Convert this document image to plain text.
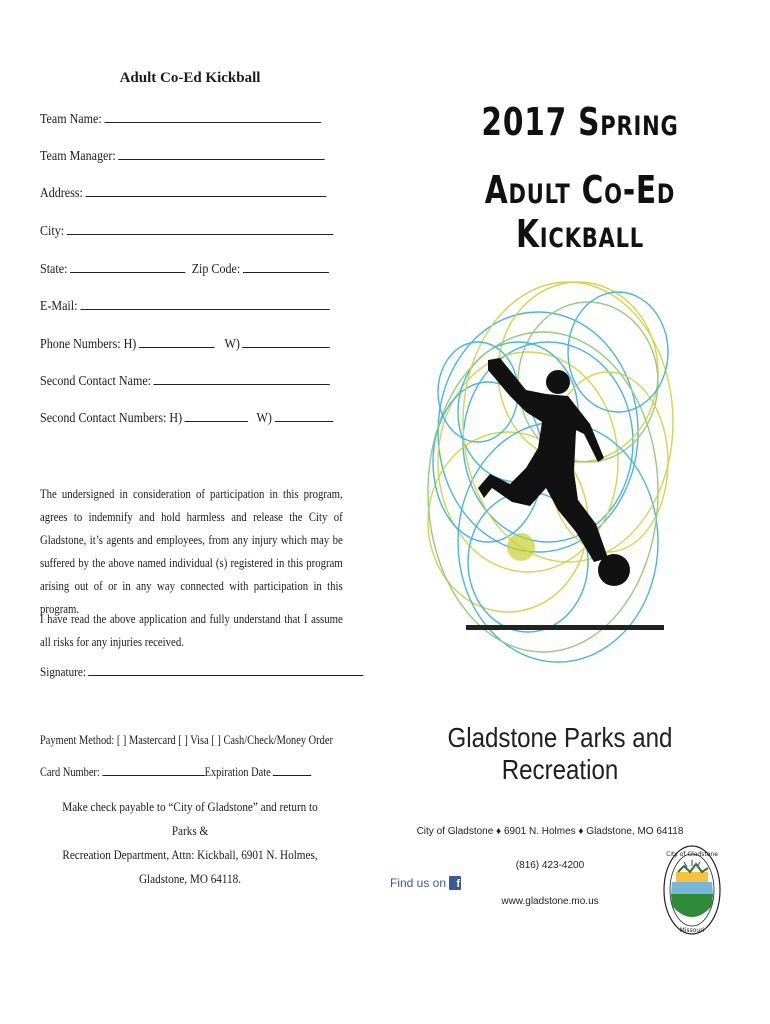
Adult Co-Ed Kickball
Team Name:
Team Manager:
Address:
City:
State:	Zip Code:
E-Mail:
Phone Numbers: H)	W)
Second Contact Name:
Second Contact Numbers: H)	W)
The undersigned in consideration of participation in this program, agrees to indemnify and hold harmless and release the City of Gladstone, it’s agents and employees, from any injury which may be suffered by the above named individual (s) registered in this program arising out of or in any way connected with participation in this program.
I have read the above application and fully understand that I assume all risks for any injuries received.
Signature:
Payment Method: [ ] Mastercard [ ] Visa [ ] Cash/Check/Money Order
Card Number:	Expiration Date
Make check payable to “City of Gladstone” and return to Parks &
Recreation Department, Attn: Kickball, 6901 N. Holmes,
Gladstone, MO 64118.
2017 Spring
Adult Co-Ed Kickball
Gladstone Parks and Recreation
City of Gladstone ♦ 6901 N. Holmes ♦ Gladstone, MO 64118
(816) 423-4200
www.gladstone.mo.us
Find us on f
City of Gladstone
Missouri
